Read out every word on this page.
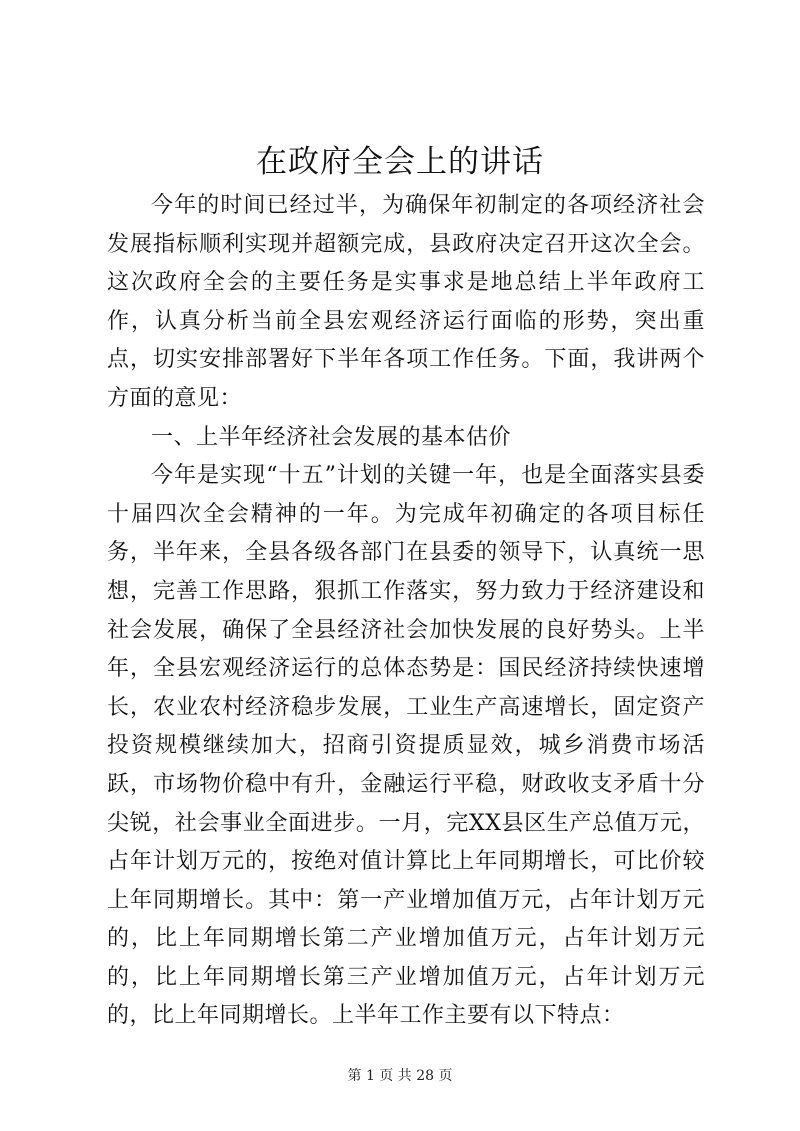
在政府全会上的讲话

今年的时间已经过半，为确保年初制定的各项经济社会发展指标顺利实现并超额完成，县政府决定召开这次全会。这次政府全会的主要任务是实事求是地总结上半年政府工作，认真分析当前全县宏观经济运行面临的形势，突出重点，切实安排部署好下半年各项工作任务。下面，我讲两个方面的意见：

一、上半年经济社会发展的基本估价

今年是实现“十五”计划的关键一年，也是全面落实县委十届四次全会精神的一年。为完成年初确定的各项目标任务，半年来，全县各级各部门在县委的领导下，认真统一思想，完善工作思路，狠抓工作落实，努力致力于经济建设和社会发展，确保了全县经济社会加快发展的良好势头。上半年，全县宏观经济运行的总体态势是：国民经济持续快速增长，农业农村经济稳步发展，工业生产高速增长，固定资产投资规模继续加大，招商引资提质显效，城乡消费市场活跃，市场物价稳中有升，金融运行平稳，财政收支矛盾十分尖锐，社会事业全面进步。一月，完XX县区生产总值万元，占年计划万元的，按绝对值计算比上年同期增长，可比价较上年同期增长。其中：第一产业增加值万元，占年计划万元的，比上年同期增长第二产业增加值万元，占年计划万元的，比上年同期增长第三产业增加值万元，占年计划万元的，比上年同期增长。上半年工作主要有以下特点：

第 1 页 共 28 页
